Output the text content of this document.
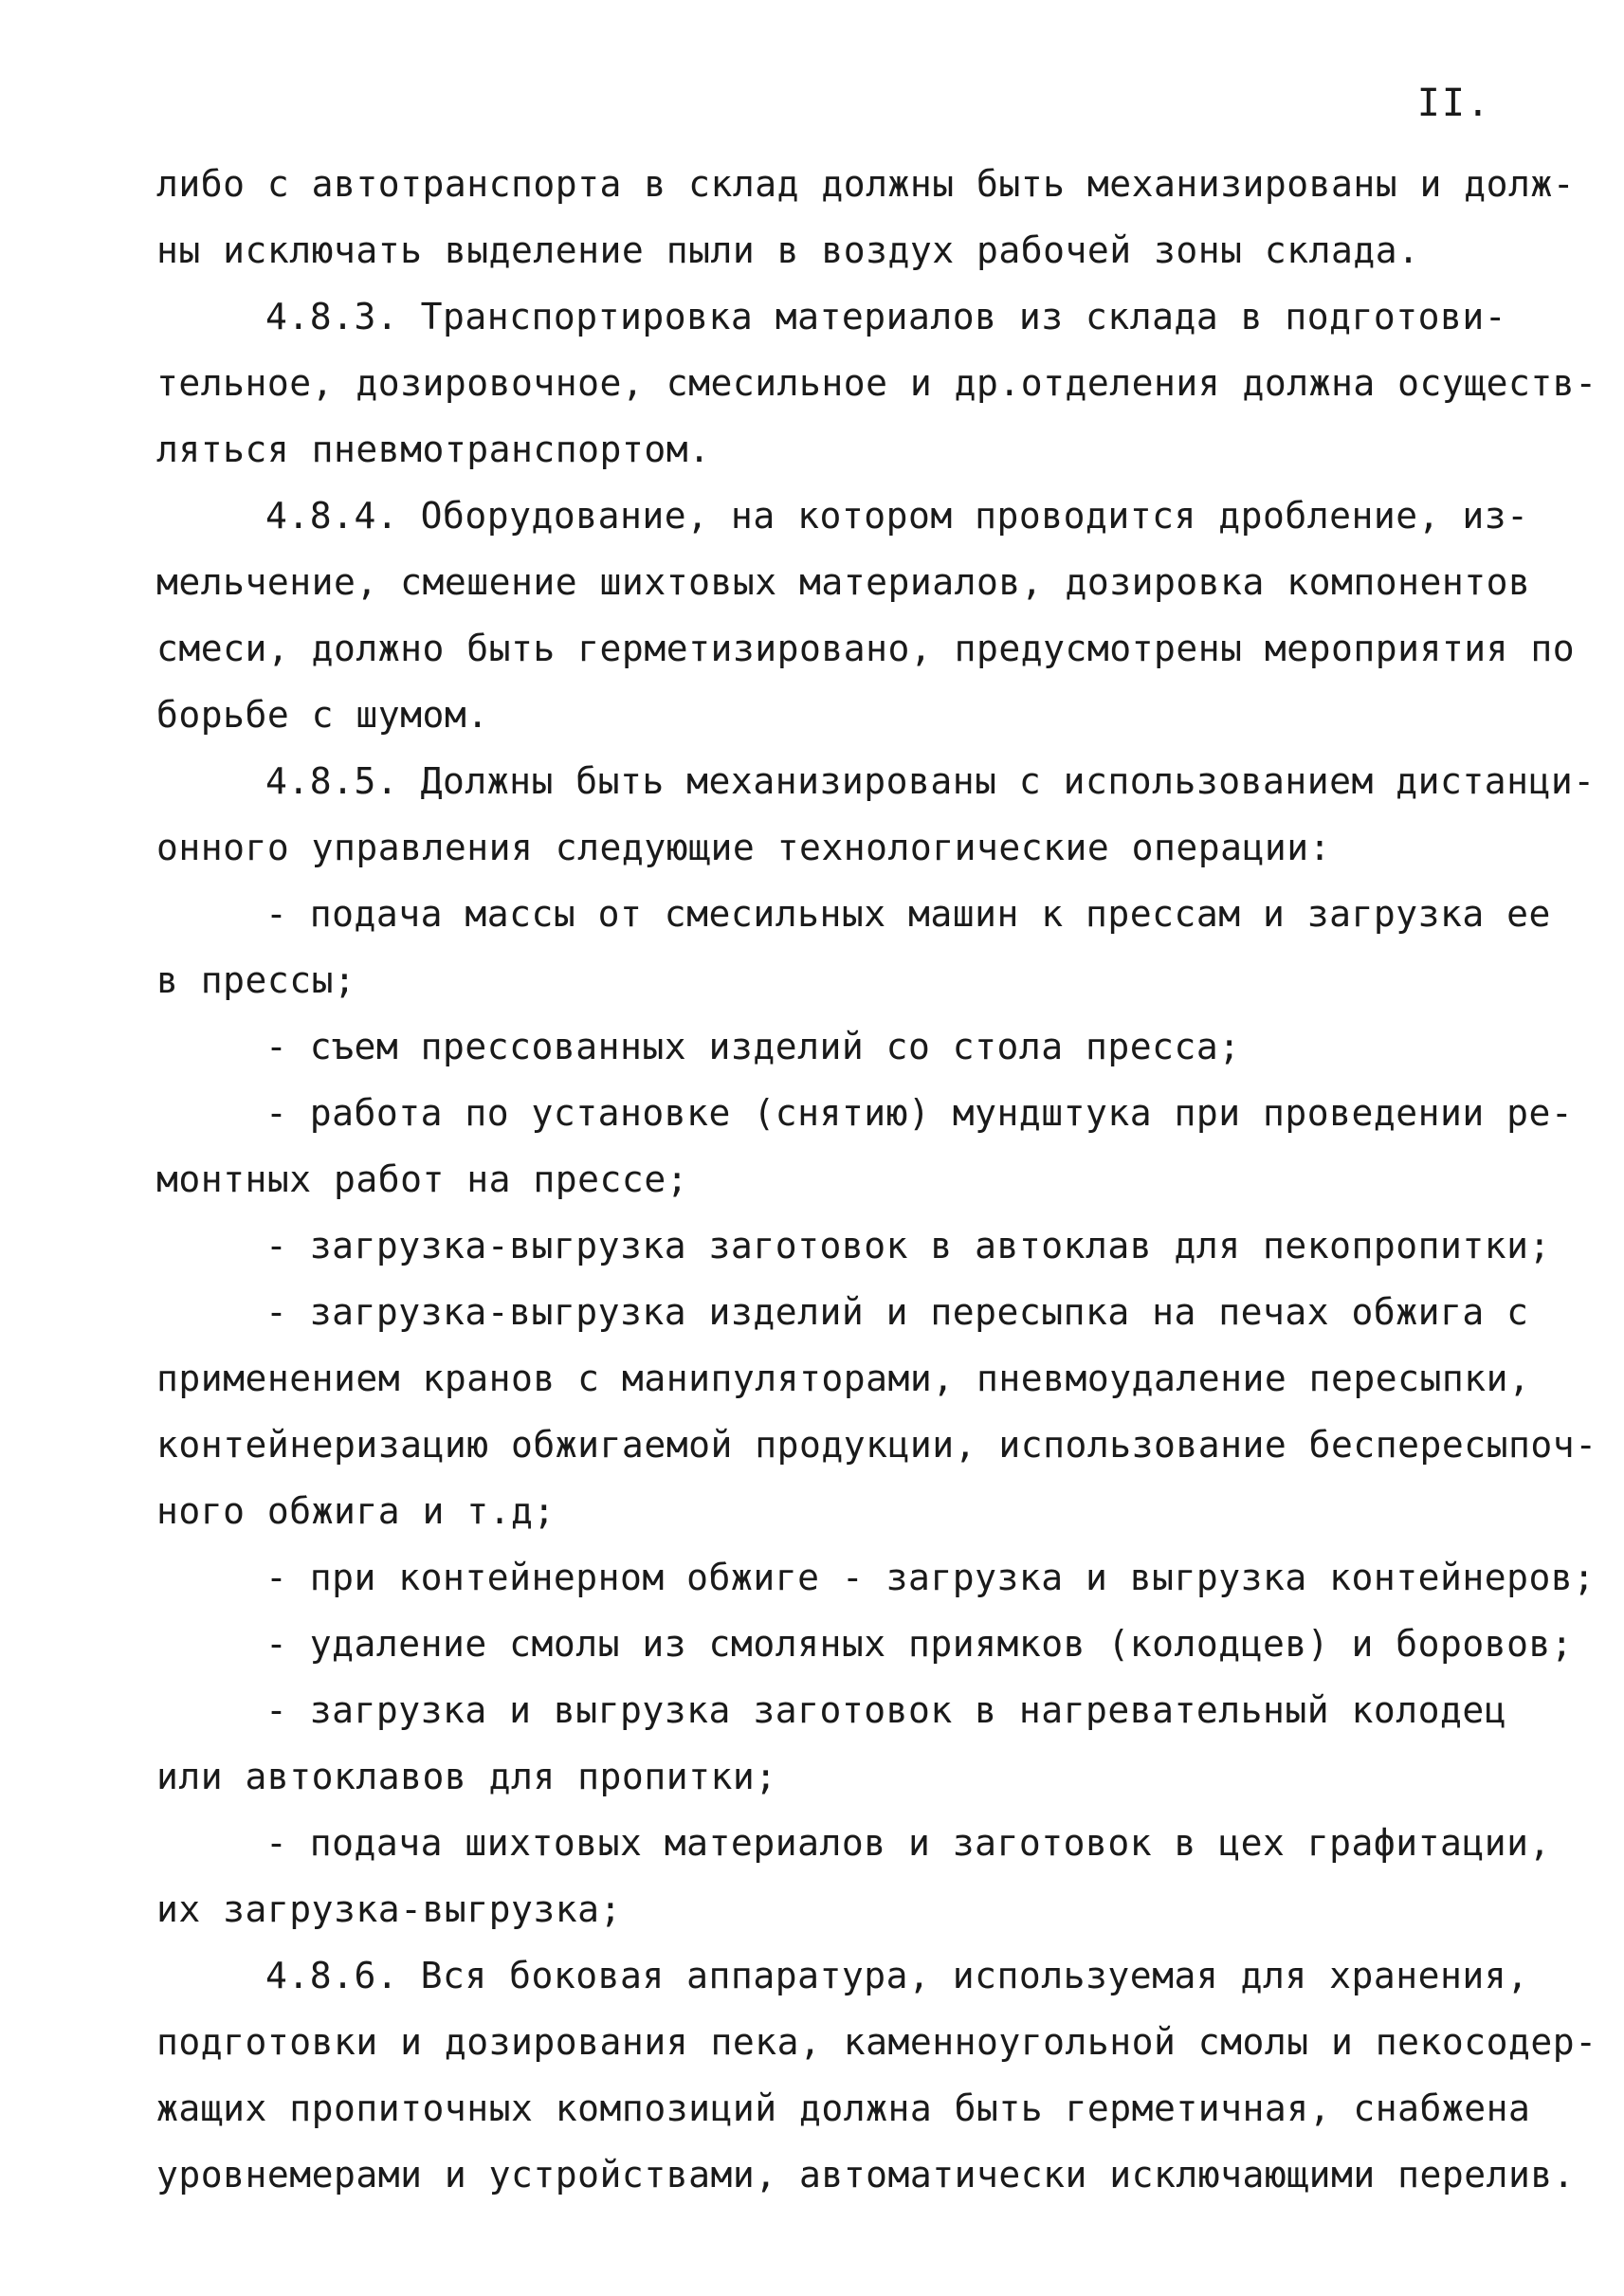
II.
либо с автотранспорта в склад должны быть механизированы и долж-
ны исключать выделение пыли в воздух рабочей зоны склада.
4.8.3. Транспортировка материалов из склада в подготови-
тельное, дозировочное, смесильное и др.отделения должна осуществ-
ляться пневмотранспортом.
4.8.4. Оборудование, на котором проводится дробление, из-
мельчение, смешение шихтовых материалов, дозировка компонентов
смеси, должно быть герметизировано, предусмотрены мероприятия по
борьбе с шумом.
4.8.5. Должны быть механизированы с использованием дистанци-
онного управления следующие технологические операции:
- подача массы от смесильных машин к прессам и загрузка ее
в прессы;
- съем прессованных изделий со стола пресса;
- работа по установке (снятию) мундштука при проведении ре-
монтных работ на прессе;
- загрузка-выгрузка заготовок в автоклав для пекопропитки;
- загрузка-выгрузка изделий и пересыпка на печах обжига с
применением кранов с манипуляторами, пневмоудаление пересыпки,
контейнеризацию обжигаемой продукции, использование беспересыпоч-
ного обжига и т.д;
- при контейнерном обжиге - загрузка и выгрузка контейнеров;
- удаление смолы из смоляных приямков (колодцев) и боровов;
- загрузка и выгрузка заготовок в нагревательный колодец
или автоклавов для пропитки;
- подача шихтовых материалов и заготовок в цех графитации,
их загрузка-выгрузка;
4.8.6. Вся боковая аппаратура, используемая для хранения,
подготовки и дозирования пека, каменноугольной смолы и пекосодер-
жащих пропиточных композиций должна быть герметичная, снабжена
уровнемерами и устройствами, автоматически исключающими перелив.
